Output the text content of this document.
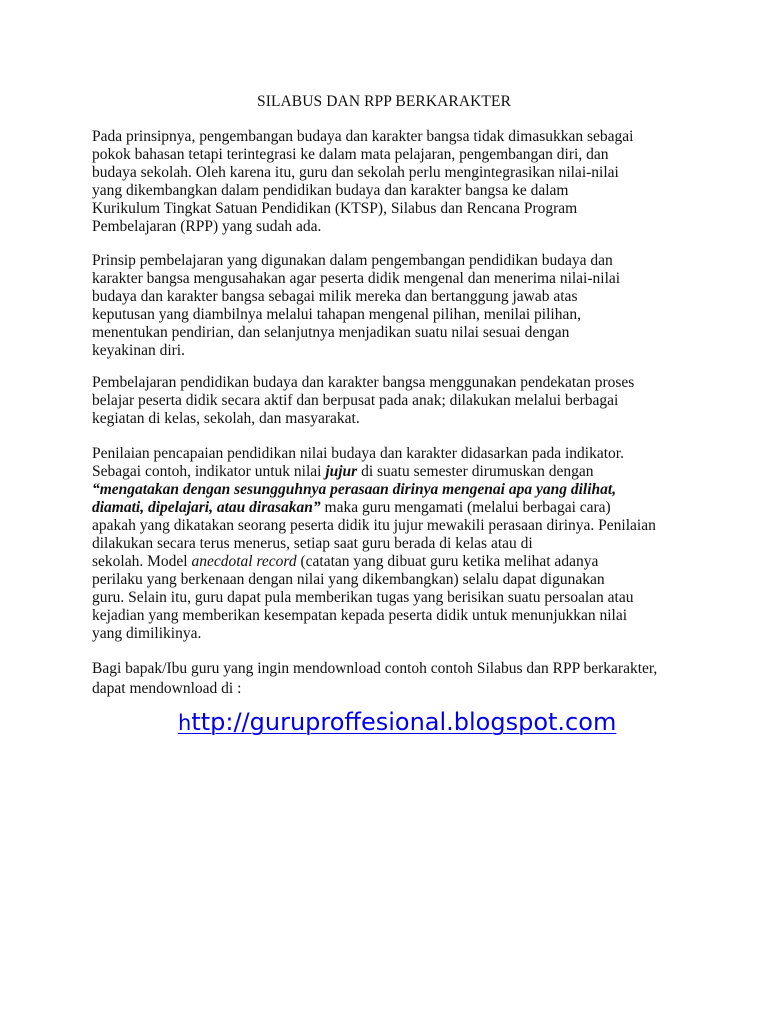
SILABUS DAN RPP BERKARAKTER
Pada prinsipnya, pengembangan budaya dan karakter bangsa tidak dimasukkan sebagai
pokok bahasan tetapi terintegrasi ke dalam mata pelajaran, pengembangan diri, dan
budaya sekolah. Oleh karena itu, guru dan sekolah perlu mengintegrasikan nilai-nilai
yang dikembangkan dalam pendidikan budaya dan karakter bangsa ke dalam
Kurikulum Tingkat Satuan Pendidikan (KTSP), Silabus dan Rencana Program
Pembelajaran (RPP) yang sudah ada.
Prinsip pembelajaran yang digunakan dalam pengembangan pendidikan budaya dan
karakter bangsa mengusahakan agar peserta didik mengenal dan menerima nilai-nilai
budaya dan karakter bangsa sebagai milik mereka dan bertanggung jawab atas
keputusan yang diambilnya melalui tahapan mengenal pilihan, menilai pilihan,
menentukan pendirian, dan selanjutnya menjadikan suatu nilai sesuai dengan
keyakinan diri.
Pembelajaran pendidikan budaya dan karakter bangsa menggunakan pendekatan proses
belajar peserta didik secara aktif dan berpusat pada anak; dilakukan melalui berbagai
kegiatan di kelas, sekolah, dan masyarakat.
Penilaian pencapaian pendidikan nilai budaya dan karakter didasarkan pada indikator.
Sebagai contoh, indikator untuk nilai jujur di suatu semester dirumuskan dengan
“mengatakan dengan sesungguhnya perasaan dirinya mengenai apa yang dilihat,
diamati, dipelajari, atau dirasakan” maka guru mengamati (melalui berbagai cara)
apakah yang dikatakan seorang peserta didik itu jujur mewakili perasaan dirinya. Penilaian
dilakukan secara terus menerus, setiap saat guru berada di kelas atau di
sekolah. Model anecdotal record (catatan yang dibuat guru ketika melihat adanya
perilaku yang berkenaan dengan nilai yang dikembangkan) selalu dapat digunakan
guru. Selain itu, guru dapat pula memberikan tugas yang berisikan suatu persoalan atau
kejadian yang memberikan kesempatan kepada peserta didik untuk menunjukkan nilai
yang dimilikinya.
Bagi bapak/Ibu guru yang ingin mendownload contoh contoh Silabus dan RPP berkarakter,
dapat mendownload di :
http://guruproffesional.blogspot.com
